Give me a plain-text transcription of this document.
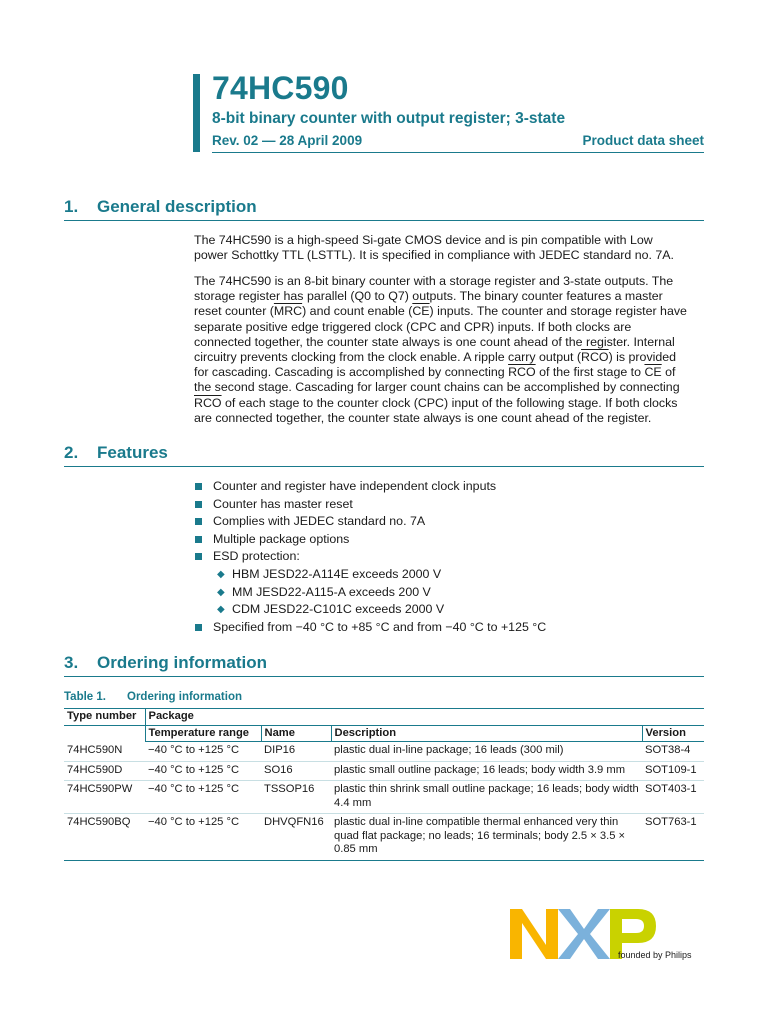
74HC590
8-bit binary counter with output register; 3-state
Rev. 02 — 28 April 2009	Product data sheet
1. General description

The 74HC590 is a high-speed Si-gate CMOS device and is pin compatible with Low
power Schottky TTL (LSTTL). It is specified in compliance with JEDEC standard no. 7A.

The 74HC590 is an 8-bit binary counter with a storage register and 3-state outputs. The
storage register has parallel (Q0 to Q7) outputs. The binary counter features a master
reset counter $(\overline{MRC})$ and count enable $(\overline{CE})$ inputs. The counter and storage register have
separate positive edge triggered clock (CPC and CPR) inputs. If both clocks are
connected together, the counter state always is one count ahead of the register. Internal
circuitry prevents clocking from the clock enable. A ripple carry output $(\overline{RCO})$ is provided
for cascading. Cascading is accomplished by connecting $\overline{RCO}$ of the first stage to $\overline{CE}$ of
the second stage. Cascading for larger count chains can be accomplished by connecting
$\overline{RCO}$ of each stage to the counter clock (CPC) input of the following stage. If both clocks
are connected together, the counter state always is one count ahead of the register.

2. Features
Counter and register have independent clock inputs
Counter has master reset
Complies with JEDEC standard no. 7A
Multiple package options
ESD protection:
◆ HBM JESD22-A114E exceeds 2000 V
◆ MM JESD22-A115-A exceeds 200 V
◆ CDM JESD22-C101C exceeds 2000 V
Specified from −40 °C to +85 °C and from −40 °C to +125 °C
3. Ordering information
Table 1. Ordering information
Type number	Package			
	Temperature range	Name	Description	Version
74HC590N	−40 °C to +125 °C	DIP16	plastic dual in-line package; 16 leads (300 mil)	SOT38-4
74HC590D	−40 °C to +125 °C	SO16	plastic small outline package; 16 leads; body width 3.9 mm	SOT109-1
74HC590PW	−40 °C to +125 °C	TSSOP16	plastic thin shrink small outline package; 16 leads; body width 4.4 mm	SOT403-1
74HC590BQ	−40 °C to +125 °C	DHVQFN16	plastic dual in-line compatible thermal enhanced very thin quad flat package; no leads; 16 terminals; body 2.5 × 3.5 × 0.85 mm	SOT763-1
founded by Philips
